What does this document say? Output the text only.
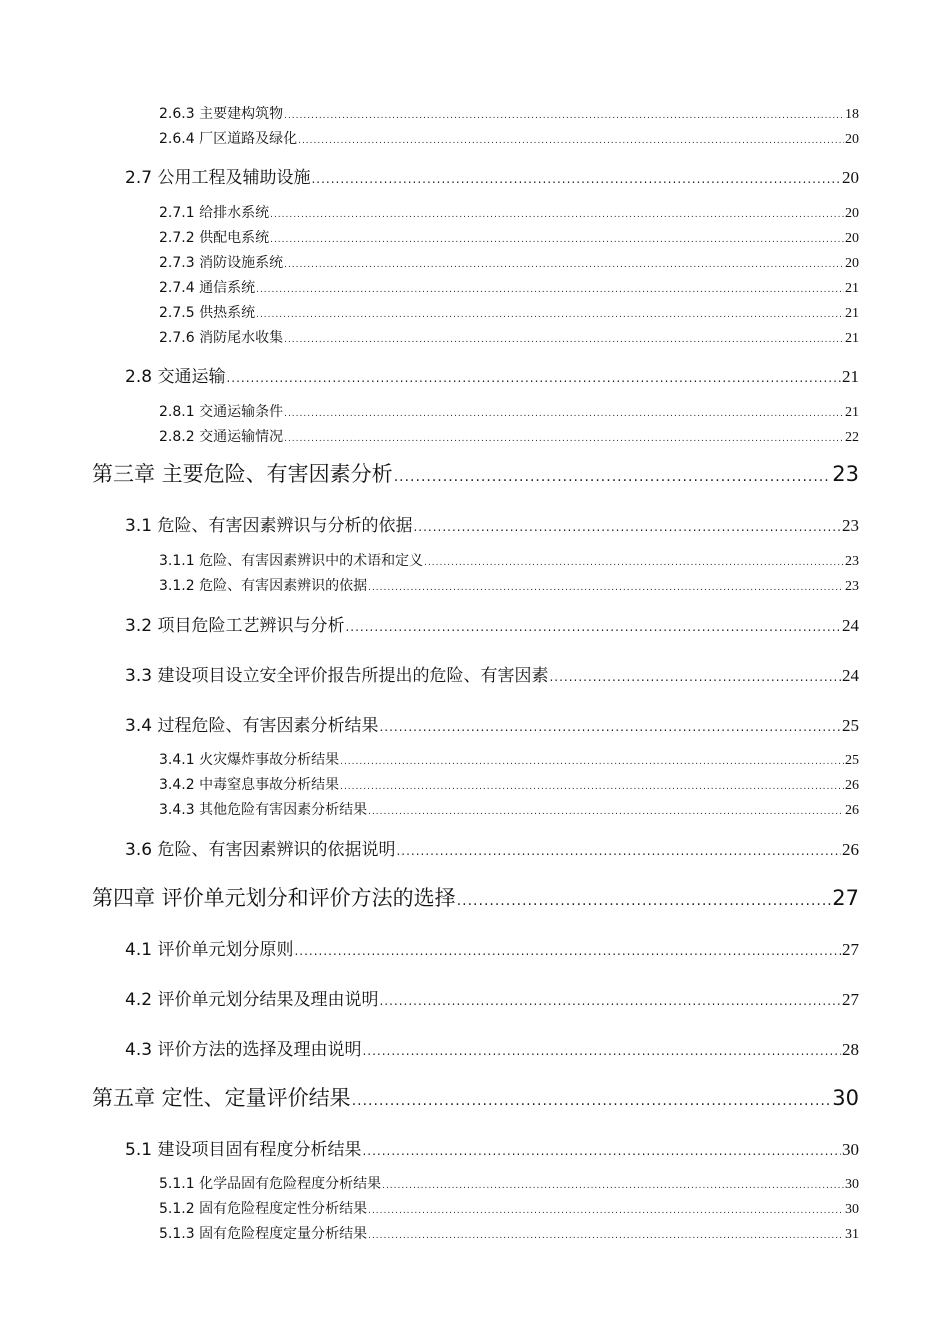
2.6.3 主要建构筑物 .....	18
2.6.4 厂区道路及绿化 .....	20
2.7 公用工程及辅助设施 .....	20
2.7.1 给排水系统 .....	20
2.7.2 供配电系统 .....	20
2.7.3 消防设施系统 .....	20
2.7.4 通信系统 .....	21
2.7.5 供热系统 .....	21
2.7.6 消防尾水收集 .....	21
2.8 交通运输 .....	21
2.8.1 交通运输条件 .....	21
2.8.2 交通运输情况 .....	22
第三章 主要危险、有害因素分析 .....	23
3.1 危险、有害因素辨识与分析的依据 .....	23
3.1.1 危险、有害因素辨识中的术语和定义 .....	23
3.1.2 危险、有害因素辨识的依据 .....	23
3.2 项目危险工艺辨识与分析 .....	24
3.3 建设项目设立安全评价报告所提出的危险、有害因素 .....	24
3.4 过程危险、有害因素分析结果 .....	25
3.4.1 火灾爆炸事故分析结果 .....	25
3.4.2 中毒窒息事故分析结果 .....	26
3.4.3 其他危险有害因素分析结果 .....	26
3.6 危险、有害因素辨识的依据说明 .....	26
第四章 评价单元划分和评价方法的选择 .....	27
4.1 评价单元划分原则 .....	27
4.2 评价单元划分结果及理由说明 .....	27
4.3 评价方法的选择及理由说明 .....	28
第五章 定性、定量评价结果 .....	30
5.1 建设项目固有程度分析结果 .....	30
5.1.1 化学品固有危险程度分析结果 .....	30
5.1.2 固有危险程度定性分析结果 .....	30
5.1.3 固有危险程度定量分析结果 .....	31
